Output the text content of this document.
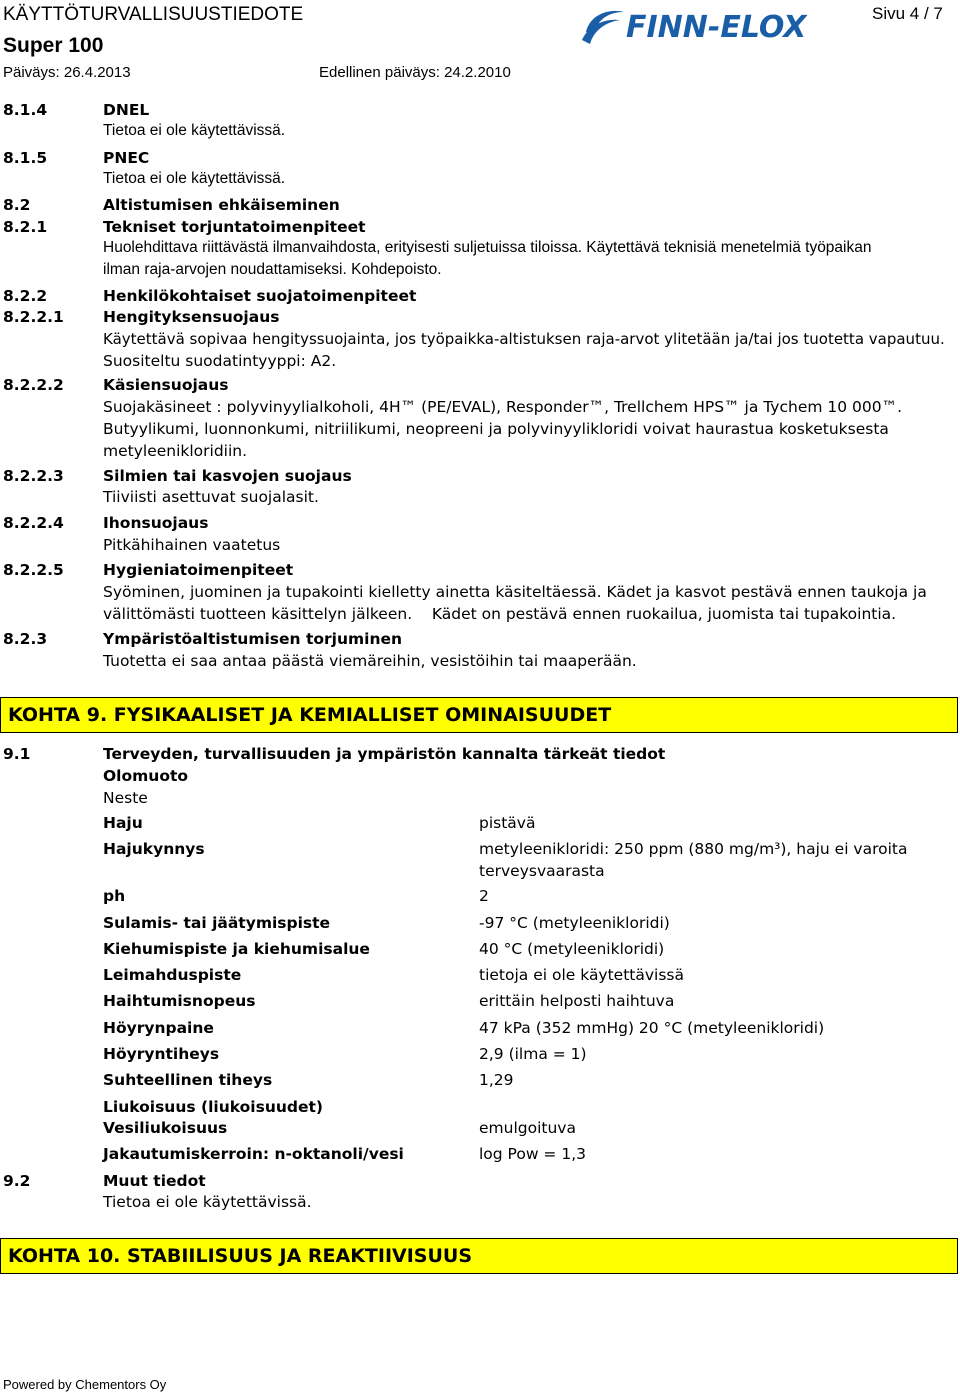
KÄYTTÖTURVALLISUUSTIEDOTE
Super 100
Päiväys: 26.4.2013	Edellinen päiväys: 24.2.2010
Sivu 4 / 7
FINN-ELOX
8.1.4	DNEL
Tietoa ei ole käytettävissä.
8.1.5	PNEC
Tietoa ei ole käytettävissä.
8.2	Altistumisen ehkäiseminen
8.2.1	Tekniset torjuntatoimenpiteet
Huolehdittava riittävästä ilmanvaihdosta, erityisesti suljetuissa tiloissa. Käytettävä teknisiä menetelmiä työpaikan
ilman raja-arvojen noudattamiseksi. Kohdepoisto.
8.2.2	Henkilökohtaiset suojatoimenpiteet
8.2.2.1	Hengityksensuojaus
Käytettävä sopivaa hengityssuojainta, jos työpaikka-altistuksen raja-arvot ylitetään ja/tai jos tuotetta vapautuu.
Suositeltu suodatintyyppi: A2.
8.2.2.2	Käsiensuojaus
Suojakäsineet : polyvinyylialkoholi, 4H™ (PE/EVAL), Responder™, Trellchem HPS™ ja Tychem 10 000™.
Butyylikumi, luonnonkumi, nitriilikumi, neopreeni ja polyvinyylikloridi voivat haurastua kosketuksesta
metyleenikloridiin.
8.2.2.3	Silmien tai kasvojen suojaus
Tiiviisti asettuvat suojalasit.
8.2.2.4	Ihonsuojaus
Pitkähihainen vaatetus
8.2.2.5	Hygieniatoimenpiteet
Syöminen, juominen ja tupakointi kielletty ainetta käsiteltäessä. Kädet ja kasvot pestävä ennen taukoja ja
välittömästi tuotteen käsittelyn jälkeen.    Kädet on pestävä ennen ruokailua, juomista tai tupakointia.
8.2.3	Ympäristöaltistumisen torjuminen
Tuotetta ei saa antaa päästä viemäreihin, vesistöihin tai maaperään.
KOHTA 9. FYSIKAALISET JA KEMIALLISET OMINAISUUDET
9.1	Terveyden, turvallisuuden ja ympäristön kannalta tärkeät tiedot
Olomuoto
Neste
Haju	pistävä
Hajukynnys	metyleenikloridi: 250 ppm (880 mg/m³), haju ei varoita
terveysvaarasta
ph	2
Sulamis- tai jäätymispiste	-97 °C (metyleenikloridi)
Kiehumispiste ja kiehumisalue	40 °C (metyleenikloridi)
Leimahduspiste	tietoja ei ole käytettävissä
Haihtumisnopeus	erittäin helposti haihtuva
Höyrynpaine	47 kPa (352 mmHg) 20 °C (metyleenikloridi)
Höyryntiheys	2,9 (ilma = 1)
Suhteellinen tiheys	1,29
Liukoisuus (liukoisuudet)
Vesiliukoisuus	emulgoituva
Jakautumiskerroin: n-oktanoli/vesi	log Pow = 1,3
9.2	Muut tiedot
Tietoa ei ole käytettävissä.
KOHTA 10. STABIILISUUS JA REAKTIIVISUUS
Powered by Chementors Oy
